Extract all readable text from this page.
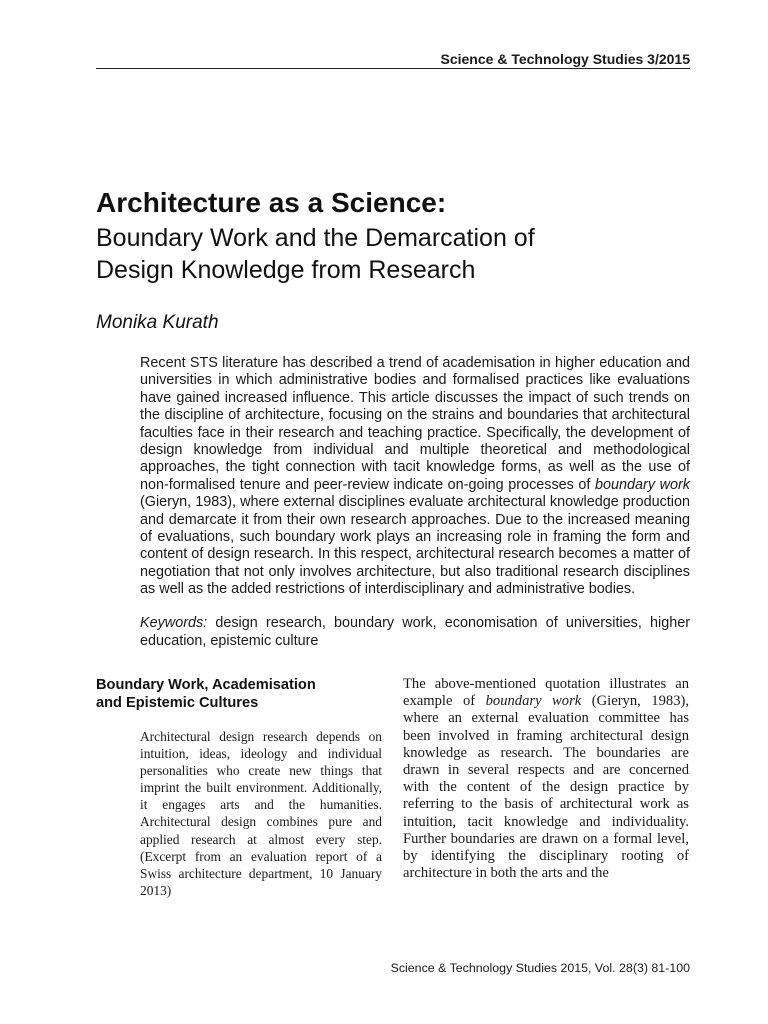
Science & Technology Studies 3/2015
Architecture as a Science:
Boundary Work and the Demarcation of
Design Knowledge from Research
Monika Kurath
Recent STS literature has described a trend of academisation in higher education and universities in which administrative bodies and formalised practices like evaluations have gained increased influence. This article discusses the impact of such trends on the discipline of architecture, focusing on the strains and boundaries that architectural faculties face in their research and teaching practice. Specifically, the development of design knowledge from individual and multiple theoretical and methodological approaches, the tight connection with tacit knowledge forms, as well as the use of non-formalised tenure and peer-review indicate on-going processes of boundary work (Gieryn, 1983), where external disciplines evaluate architectural knowledge production and demarcate it from their own research approaches. Due to the increased meaning of evaluations, such boundary work plays an increasing role in framing the form and content of design research. In this respect, architectural research becomes a matter of negotiation that not only involves architecture, but also traditional research disciplines as well as the added restrictions of interdisciplinary and administrative bodies.
Keywords: design research, boundary work, economisation of universities, higher education, epistemic culture
Boundary Work, Academisation
and Epistemic Cultures
Architectural design research depends on intuition, ideas, ideology and individual personalities who create new things that imprint the built environment. Additionally, it engages arts and the humanities. Architectural design combines pure and applied research at almost every step. (Excerpt from an evaluation report of a Swiss architecture department, 10 January 2013)
The above-mentioned quotation illustrates an example of boundary work (Gieryn, 1983), where an external evaluation committee has been involved in framing architectural design knowledge as research. The boundaries are drawn in several respects and are concerned with the content of the design practice by referring to the basis of architectural work as intuition, tacit knowledge and individuality. Further boundaries are drawn on a formal level, by identifying the disciplinary rooting of architecture in both the arts and the
Science & Technology Studies 2015, Vol. 28(3) 81-100
